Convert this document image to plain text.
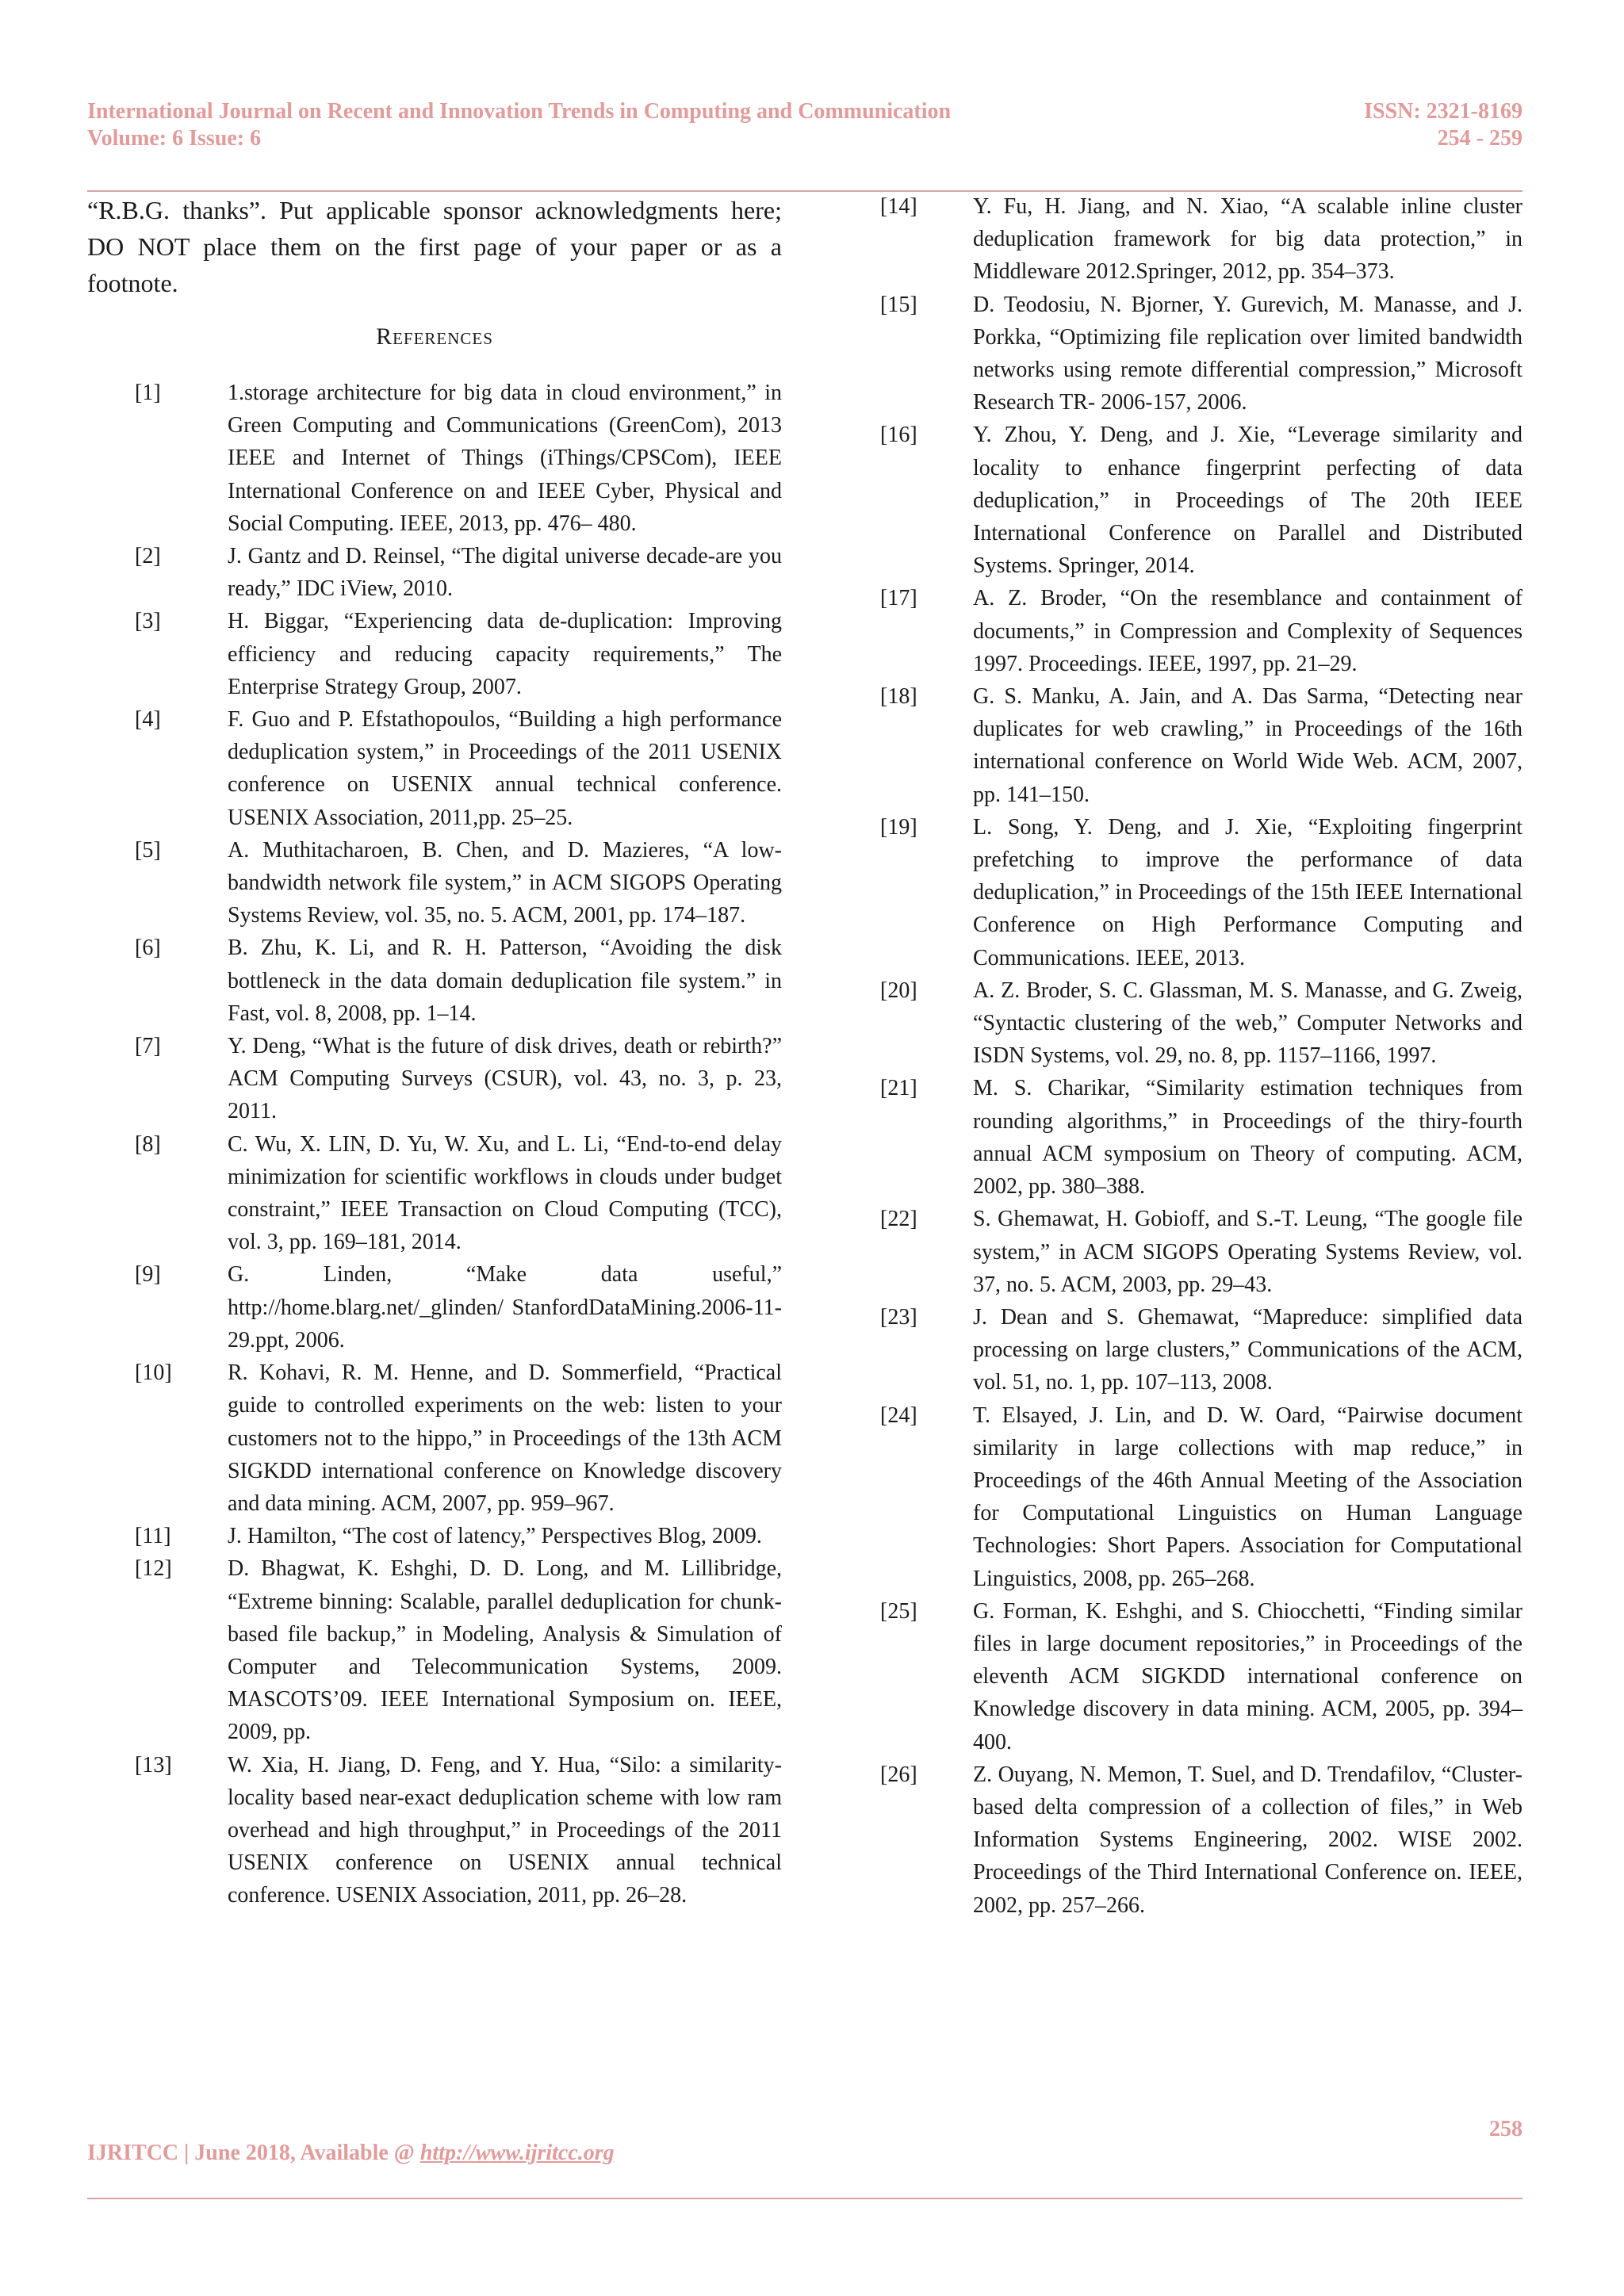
International Journal on Recent and Innovation Trends in Computing and Communication
Volume: 6 Issue: 6
ISSN: 2321-8169
254 - 259
“R.B.G. thanks”. Put applicable sponsor acknowledgments here; DO NOT place them on the first page of your paper or as a footnote.
References
[1]	1.storage architecture for big data in cloud environment,” in Green Computing and Communications (GreenCom), 2013 IEEE and Internet of Things (iThings/CPSCom), IEEE International Conference on and IEEE Cyber, Physical and Social Computing. IEEE, 2013, pp. 476– 480.
[2]	J. Gantz and D. Reinsel, “The digital universe decade-are you ready,” IDC iView, 2010.
[3]	H. Biggar, “Experiencing data de-duplication: Improving efficiency and reducing capacity requirements,” The Enterprise Strategy Group, 2007.
[4]	F. Guo and P. Efstathopoulos, “Building a high performance deduplication system,” in Proceedings of the 2011 USENIX conference on USENIX annual technical conference. USENIX Association, 2011,pp. 25–25.
[5]	A. Muthitacharoen, B. Chen, and D. Mazieres, “A low-bandwidth network file system,” in ACM SIGOPS Operating Systems Review, vol. 35, no. 5. ACM, 2001, pp. 174–187.
[6]	B. Zhu, K. Li, and R. H. Patterson, “Avoiding the disk bottleneck in the data domain deduplication file system.” in Fast, vol. 8, 2008, pp. 1–14.
[7]	Y. Deng, “What is the future of disk drives, death or rebirth?” ACM Computing Surveys (CSUR), vol. 43, no. 3, p. 23, 2011.
[8]	C. Wu, X. LIN, D. Yu, W. Xu, and L. Li, “End-to-end delay minimization for scientific workflows in clouds under budget constraint,” IEEE Transaction on Cloud Computing (TCC), vol. 3, pp. 169–181, 2014.
[9]	G. Linden, “Make data useful,” http://home.blarg.net/_glinden/ StanfordDataMining.2006-11-29.ppt, 2006.
[10]	R. Kohavi, R. M. Henne, and D. Sommerfield, “Practical guide to controlled experiments on the web: listen to your customers not to the hippo,” in Proceedings of the 13th ACM SIGKDD international conference on Knowledge discovery and data mining. ACM, 2007, pp. 959–967.
[11]	J. Hamilton, “The cost of latency,” Perspectives Blog, 2009.
[12]	D. Bhagwat, K. Eshghi, D. D. Long, and M. Lillibridge, “Extreme binning: Scalable, parallel deduplication for chunk-based file backup,” in Modeling, Analysis & Simulation of Computer and Telecommunication Systems, 2009. MASCOTS’09. IEEE International Symposium on. IEEE, 2009, pp.
[13]	W. Xia, H. Jiang, D. Feng, and Y. Hua, “Silo: a similarity-locality based near-exact deduplication scheme with low ram overhead and high throughput,” in Proceedings of the 2011 USENIX conference on USENIX annual technical conference. USENIX Association, 2011, pp. 26–28.
[14]	Y. Fu, H. Jiang, and N. Xiao, “A scalable inline cluster deduplication framework for big data protection,” in Middleware 2012.Springer, 2012, pp. 354–373.
[15]	D. Teodosiu, N. Bjorner, Y. Gurevich, M. Manasse, and J. Porkka, “Optimizing file replication over limited bandwidth networks using remote differential compression,” Microsoft Research TR- 2006-157, 2006.
[16]	Y. Zhou, Y. Deng, and J. Xie, “Leverage similarity and locality to enhance fingerprint perfecting of data deduplication,” in Proceedings of The 20th IEEE International Conference on Parallel and Distributed Systems. Springer, 2014.
[17]	A. Z. Broder, “On the resemblance and containment of documents,” in Compression and Complexity of Sequences 1997. Proceedings. IEEE, 1997, pp. 21–29.
[18]	G. S. Manku, A. Jain, and A. Das Sarma, “Detecting near duplicates for web crawling,” in Proceedings of the 16th international conference on World Wide Web. ACM, 2007, pp. 141–150.
[19]	L. Song, Y. Deng, and J. Xie, “Exploiting fingerprint prefetching to improve the performance of data deduplication,” in Proceedings of the 15th IEEE International Conference on High Performance Computing and Communications. IEEE, 2013.
[20]	A. Z. Broder, S. C. Glassman, M. S. Manasse, and G. Zweig, “Syntactic clustering of the web,” Computer Networks and ISDN Systems, vol. 29, no. 8, pp. 1157–1166, 1997.
[21]	M. S. Charikar, “Similarity estimation techniques from rounding algorithms,” in Proceedings of the thiry-fourth annual ACM symposium on Theory of computing. ACM, 2002, pp. 380–388.
[22]	S. Ghemawat, H. Gobioff, and S.-T. Leung, “The google file system,” in ACM SIGOPS Operating Systems Review, vol. 37, no. 5. ACM, 2003, pp. 29–43.
[23]	J. Dean and S. Ghemawat, “Mapreduce: simplified data processing on large clusters,” Communications of the ACM, vol. 51, no. 1, pp. 107–113, 2008.
[24]	T. Elsayed, J. Lin, and D. W. Oard, “Pairwise document similarity in large collections with map reduce,” in Proceedings of the 46th Annual Meeting of the Association for Computational Linguistics on Human Language Technologies: Short Papers. Association for Computational Linguistics, 2008, pp. 265–268.
[25]	G. Forman, K. Eshghi, and S. Chiocchetti, “Finding similar files in large document repositories,” in Proceedings of the eleventh ACM SIGKDD international conference on Knowledge discovery in data mining. ACM, 2005, pp. 394–400.
[26]	Z. Ouyang, N. Memon, T. Suel, and D. Trendafilov, “Cluster-based delta compression of a collection of files,” in Web Information Systems Engineering, 2002. WISE 2002. Proceedings of the Third International Conference on. IEEE, 2002, pp. 257–266.
258
IJRITCC | June 2018, Available @ http://www.ijritcc.org
